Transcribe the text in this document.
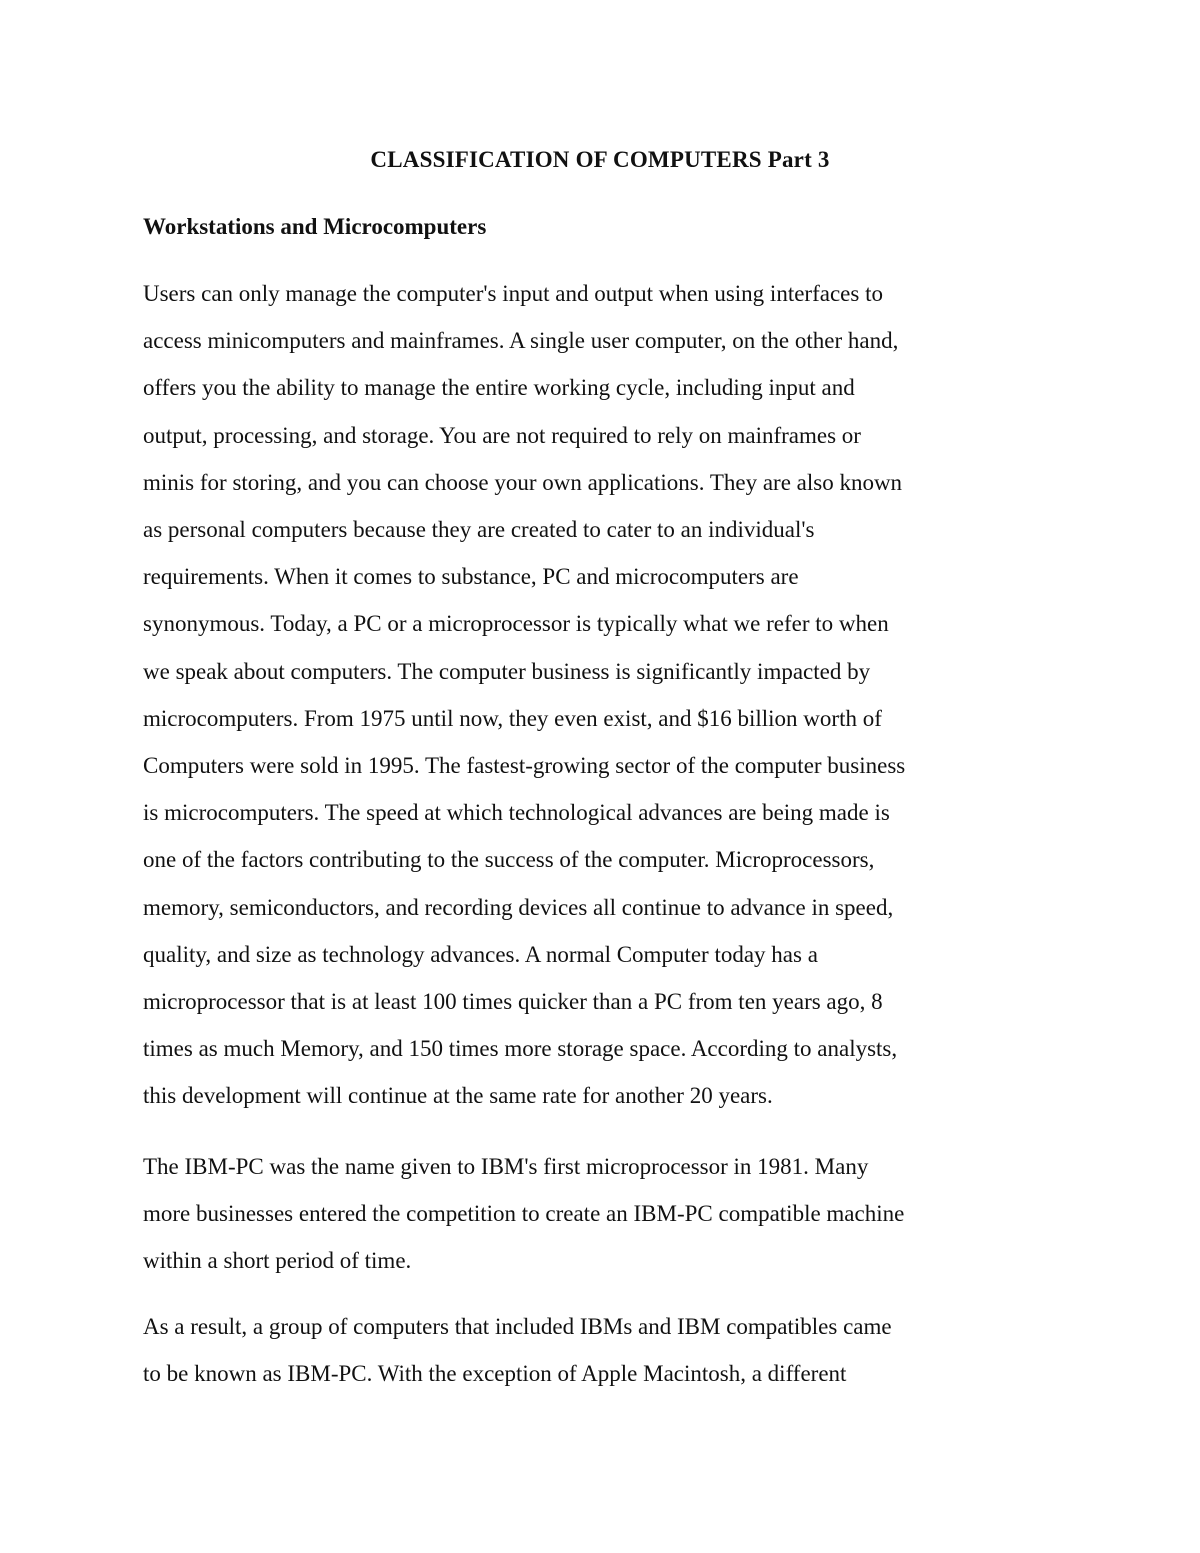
CLASSIFICATION OF COMPUTERS Part 3
Workstations and Microcomputers

Users can only manage the computer's input and output when using interfaces to
access minicomputers and mainframes. A single user computer, on the other hand,
offers you the ability to manage the entire working cycle, including input and
output, processing, and storage. You are not required to rely on mainframes or
minis for storing, and you can choose your own applications. They are also known
as personal computers because they are created to cater to an individual's
requirements. When it comes to substance, PC and microcomputers are
synonymous. Today, a PC or a microprocessor is typically what we refer to when
we speak about computers. The computer business is significantly impacted by
microcomputers. From 1975 until now, they even exist, and $16 billion worth of
Computers were sold in 1995. The fastest-growing sector of the computer business
is microcomputers. The speed at which technological advances are being made is
one of the factors contributing to the success of the computer. Microprocessors,
memory, semiconductors, and recording devices all continue to advance in speed,
quality, and size as technology advances. A normal Computer today has a
microprocessor that is at least 100 times quicker than a PC from ten years ago, 8
times as much Memory, and 150 times more storage space. According to analysts,
this development will continue at the same rate for another 20 years.

The IBM-PC was the name given to IBM's first microprocessor in 1981. Many
more businesses entered the competition to create an IBM-PC compatible machine
within a short period of time.

As a result, a group of computers that included IBMs and IBM compatibles came
to be known as IBM-PC. With the exception of Apple Macintosh, a different
